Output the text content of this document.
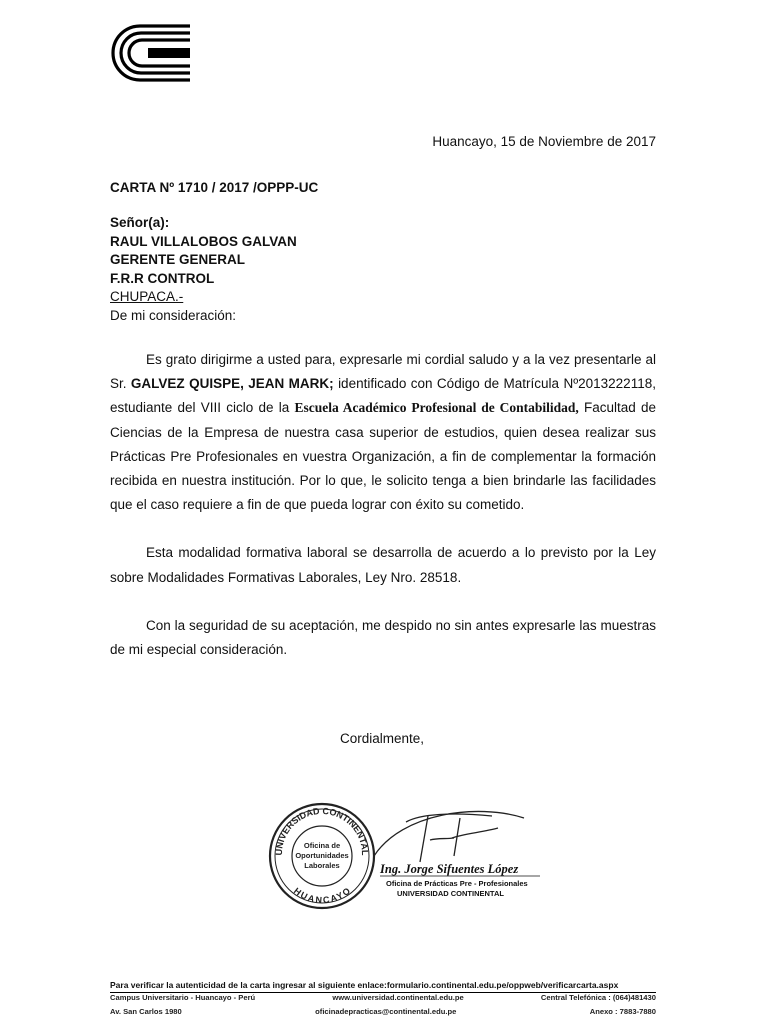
Huancayo, 15 de Noviembre de 2017
CARTA Nº 1710 / 2017 /OPPP-UC
Señor(a):
RAUL VILLALOBOS GALVAN
GERENTE GENERAL
F.R.R CONTROL
CHUPACA.-
De mi consideración:

Es grato dirigirme a usted para, expresarle mi cordial saludo y a la vez presentarle al Sr. GALVEZ QUISPE, JEAN MARK; identificado con Código de Matrícula Nº2013222118, estudiante del VIII ciclo de la Escuela Académico Profesional de Contabilidad, Facultad de Ciencias de la Empresa de nuestra casa superior de estudios, quien desea realizar sus Prácticas Pre Profesionales en vuestra Organización, a fin de complementar la formación recibida en nuestra institución. Por lo que, le solicito tenga a bien brindarle las facilidades que el caso requiere a fin de que pueda lograr con éxito su cometido.

Esta modalidad formativa laboral se desarrolla de acuerdo a lo previsto por la Ley sobre Modalidades Formativas Laborales, Ley Nro. 28518.

Con la seguridad de su aceptación, me despido no sin antes expresarle las muestras de mi especial consideración.

Cordialmente,
UNIVERSIDAD CONTINENTAL
HUANCAYO
Oficina de
Oportunidades
Laborales	Ing. Jorge Sifuentes López
Oficina de Prácticas Pre - Profesionales
UNIVERSIDAD CONTINENTAL
Para verificar la autenticidad de la carta ingresar al siguiente enlace:formulario.continental.edu.pe/oppweb/verificarcarta.aspx
Campus Universitario - Huancayo - Perú	www.universidad.continental.edu.pe	Central Telefónica : (064)481430
Av. San Carlos 1980	oficinadepracticas@continental.edu.pe	Anexo : 7883-7880
